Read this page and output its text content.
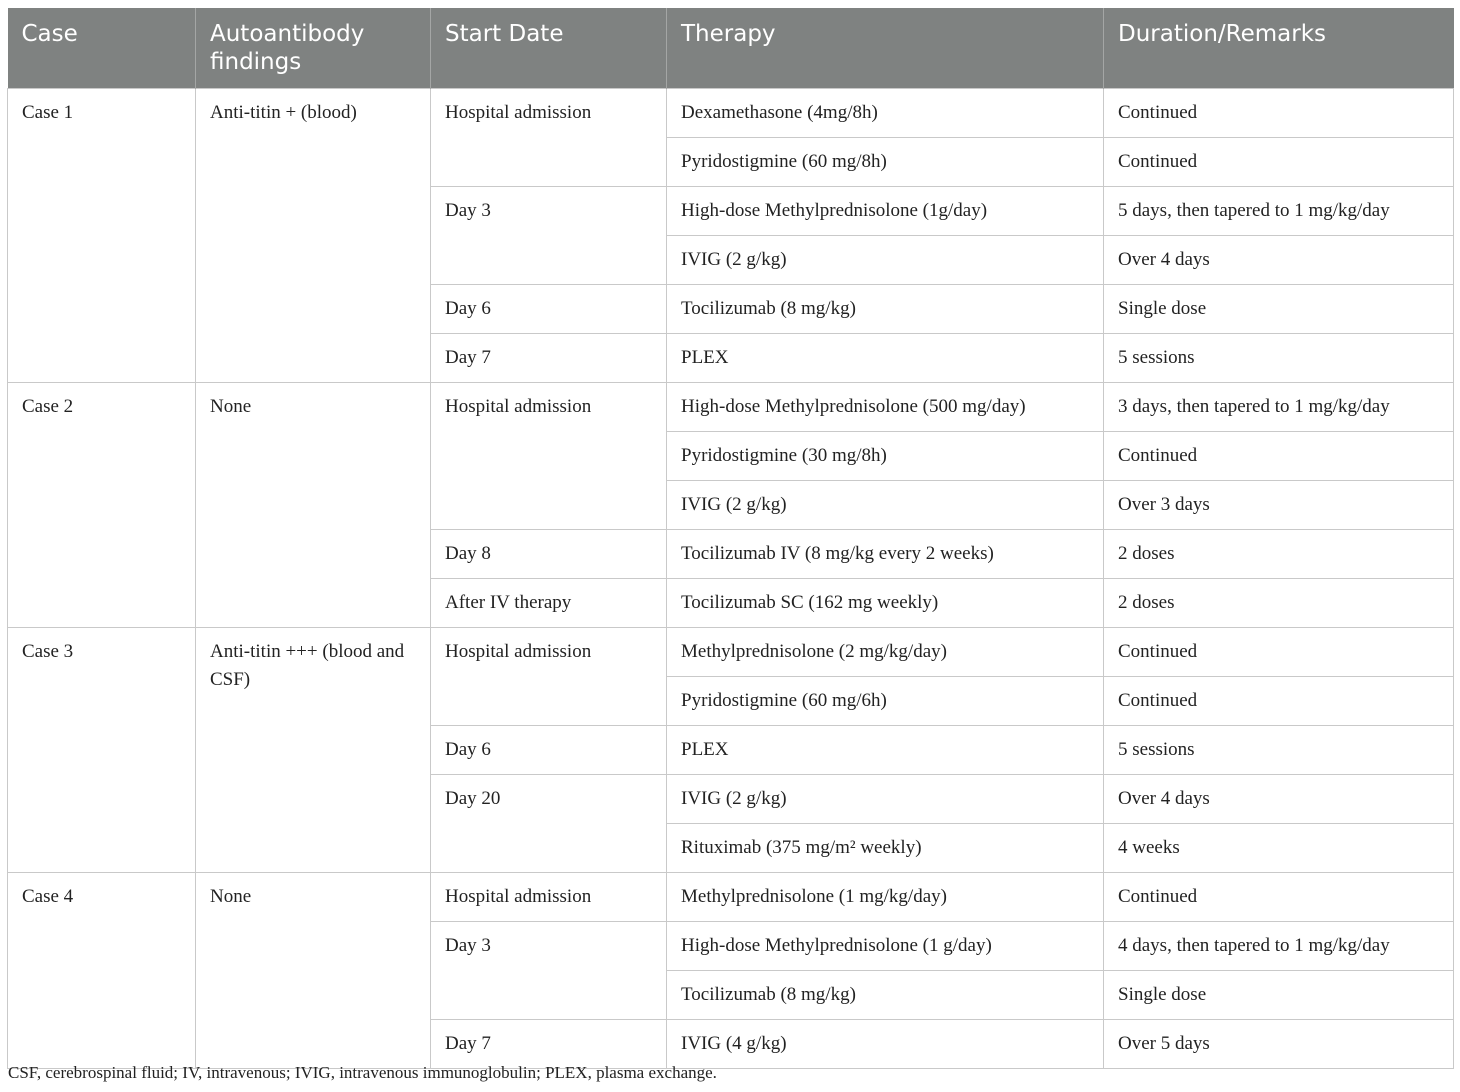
Case	Autoantibody findings	Start Date	Therapy	Duration/Remarks
Case 1	Anti-titin + (blood)	Hospital admission	Dexamethasone (4mg/8h)	Continued
			Pyridostigmine (60 mg/8h)	Continued
		Day 3	High-dose Methylprednisolone (1g/day)	5 days, then tapered to 1 mg/kg/day
			IVIG (2 g/kg)	Over 4 days
		Day 6	Tocilizumab (8 mg/kg)	Single dose
		Day 7	PLEX	5 sessions
Case 2	None	Hospital admission	High-dose Methylprednisolone (500 mg/day)	3 days, then tapered to 1 mg/kg/day
			Pyridostigmine (30 mg/8h)	Continued
			IVIG (2 g/kg)	Over 3 days
		Day 8	Tocilizumab IV (8 mg/kg every 2 weeks)	2 doses
		After IV therapy	Tocilizumab SC (162 mg weekly)	2 doses
Case 3	Anti-titin +++ (blood and CSF)	Hospital admission	Methylprednisolone (2 mg/kg/day)	Continued
			Pyridostigmine (60 mg/6h)	Continued
		Day 6	PLEX	5 sessions
		Day 20	IVIG (2 g/kg)	Over 4 days
			Rituximab (375 mg/m² weekly)	4 weeks
Case 4	None	Hospital admission	Methylprednisolone (1 mg/kg/day)	Continued
		Day 3	High-dose Methylprednisolone (1 g/day)	4 days, then tapered to 1 mg/kg/day
			Tocilizumab (8 mg/kg)	Single dose
		Day 7	IVIG (4 g/kg)	Over 5 days
CSF, cerebrospinal fluid; IV, intravenous; IVIG, intravenous immunoglobulin; PLEX, plasma exchange.
